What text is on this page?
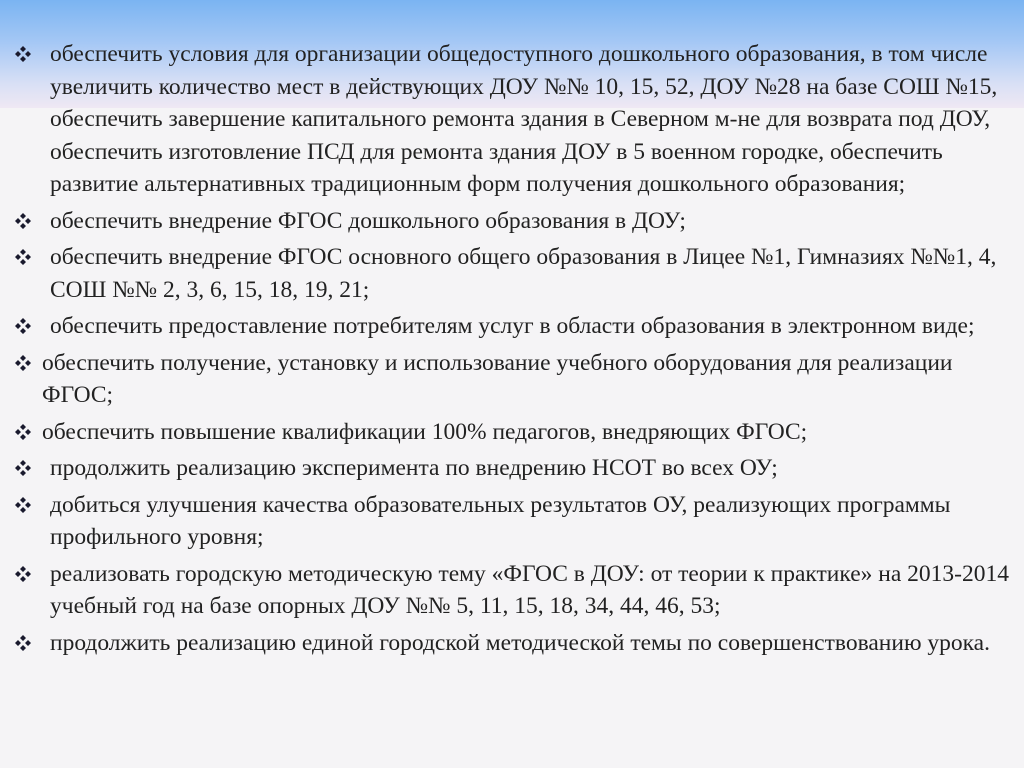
обеспечить условия для организации общедоступного дошкольного образования, в том числе увеличить количество мест в действующих ДОУ №№ 10, 15, 52, ДОУ №28 на базе СОШ №15, обеспечить завершение капитального ремонта здания в Северном м-не для возврата под ДОУ, обеспечить изготовление ПСД для ремонта здания ДОУ в 5 военном городке, обеспечить развитие альтернативных традиционным форм получения дошкольного образования;
обеспечить внедрение ФГОС дошкольного образования в ДОУ;
обеспечить внедрение ФГОС основного общего образования в Лицее №1, Гимназиях №№1, 4, СОШ №№ 2, 3, 6, 15, 18, 19, 21;
обеспечить предоставление потребителям услуг в области образования в электронном виде;
обеспечить получение, установку и использование учебного оборудования для реализации ФГОС;
обеспечить повышение квалификации 100% педагогов, внедряющих ФГОС;
продолжить реализацию эксперимента по внедрению НСОТ во всех ОУ;
добиться улучшения качества образовательных результатов ОУ, реализующих программы профильного уровня;
реализовать городскую методическую тему «ФГОС в ДОУ: от теории к практике» на 2013-2014 учебный год на базе опорных ДОУ №№ 5, 11, 15, 18, 34, 44, 46, 53;
продолжить реализацию единой городской методической темы по совершенствованию урока.
